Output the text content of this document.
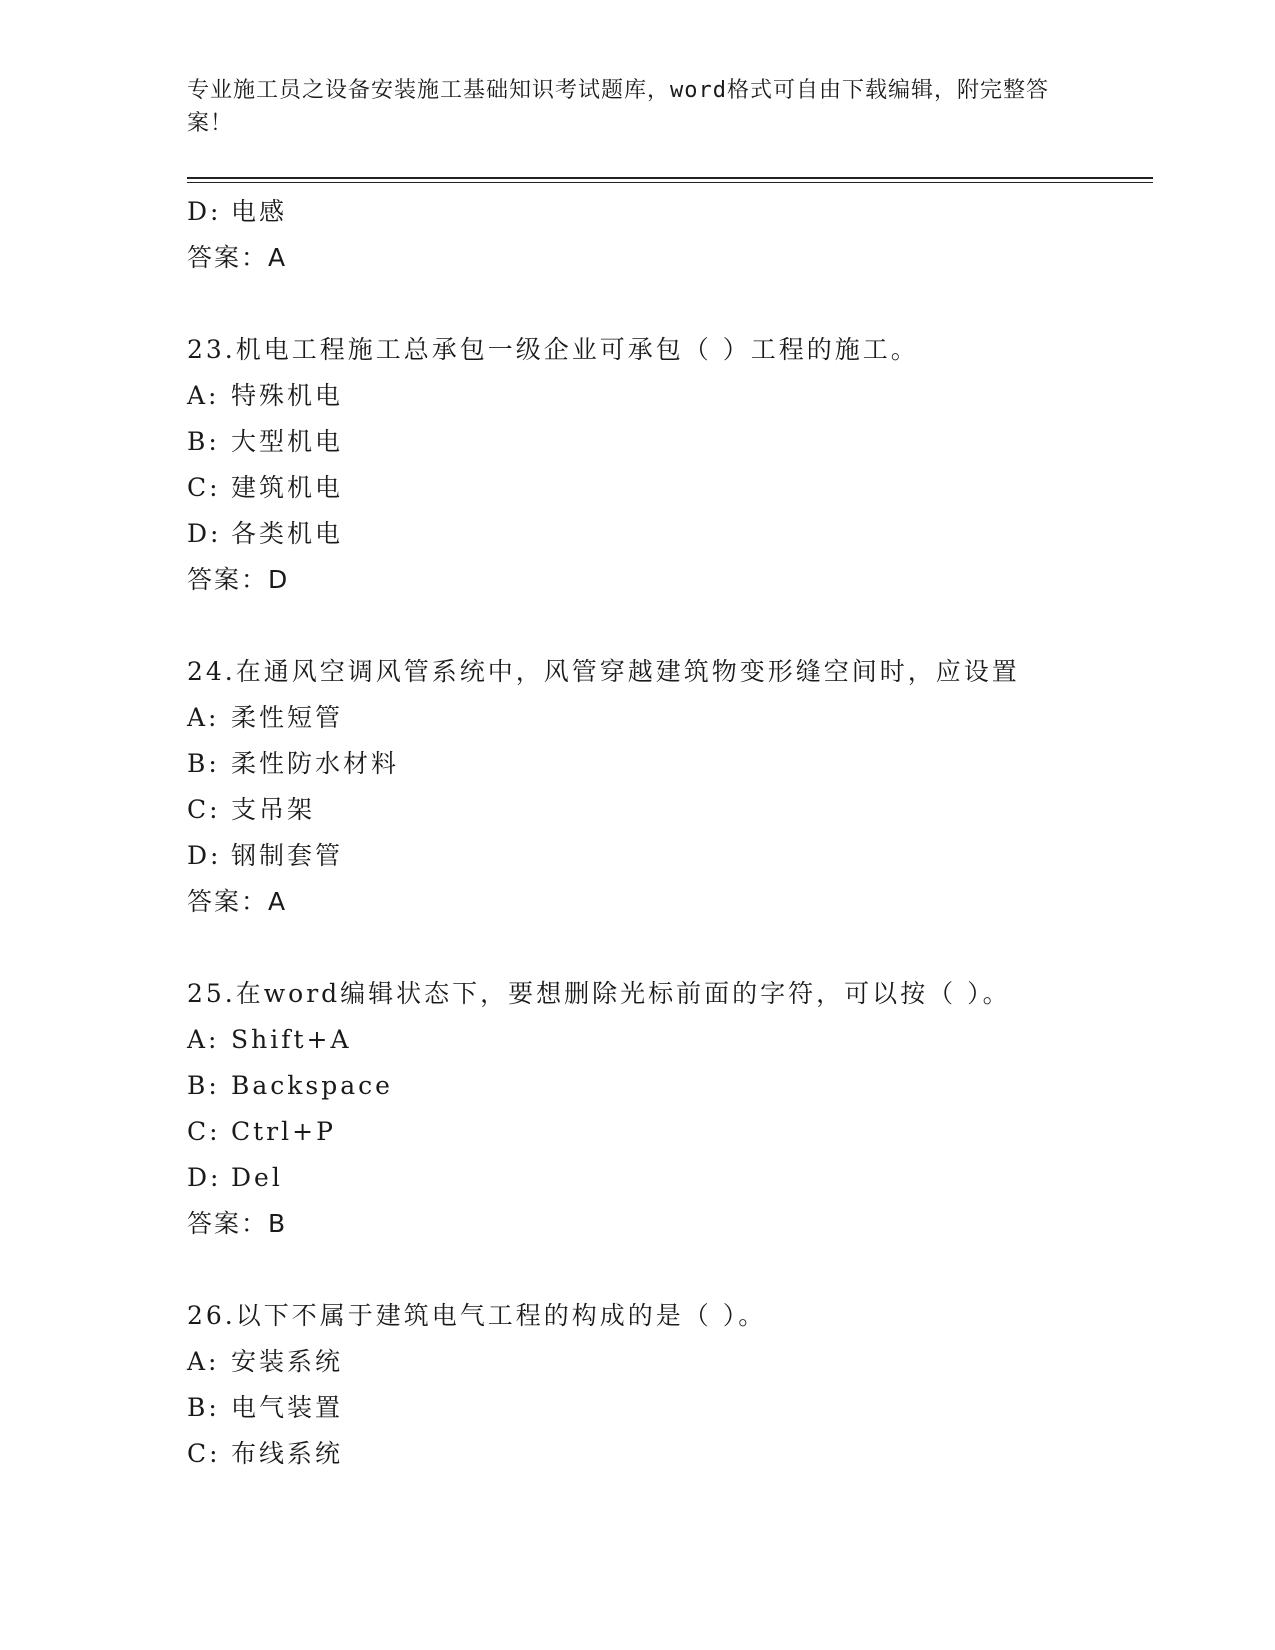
专业施工员之设备安装施工基础知识考试题库，word格式可自由下载编辑，附完整答案！
D: 电感
答案：A
23.机电工程施工总承包一级企业可承包（ ）工程的施工。
A: 特殊机电
B: 大型机电
C: 建筑机电
D: 各类机电
答案：D
24.在通风空调风管系统中，风管穿越建筑物变形缝空间时，应设置
A: 柔性短管
B: 柔性防水材料
C: 支吊架
D: 钢制套管
答案：A
25.在word编辑状态下，要想删除光标前面的字符，可以按（ ）。
A: Shift+A
B: Backspace
C: Ctrl+P
D: Del
答案：B
26.以下不属于建筑电气工程的构成的是（ ）。
A: 安装系统
B: 电气装置
C: 布线系统
